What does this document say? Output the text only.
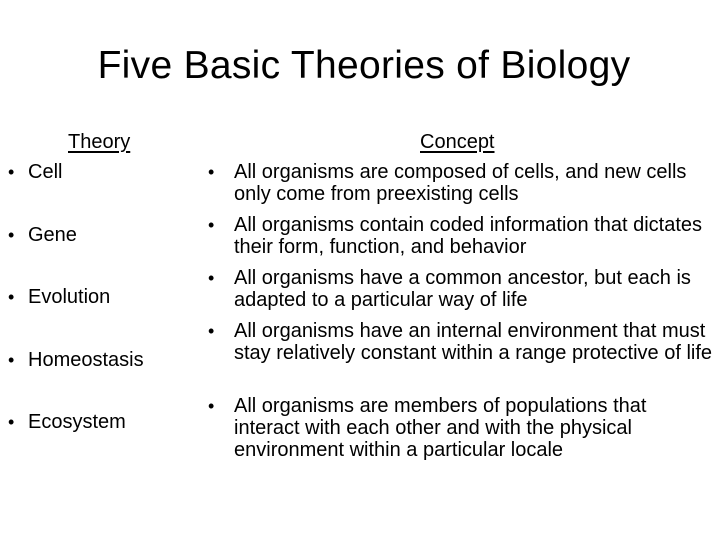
Five Basic Theories of Biology
Theory	Concept
• Cell
• Gene
• Evolution
• Homeostasis
• Ecosystem
• All organisms are composed of cells, and new cells only come from preexisting cells
• All organisms contain coded information that dictates their form, function, and behavior
• All organisms have a common ancestor, but each is adapted to a particular way of life
• All organisms have an internal environment that must stay relatively constant within a range protective of life
• All organisms are members of populations that interact with each other and with the physical environment within a particular locale
